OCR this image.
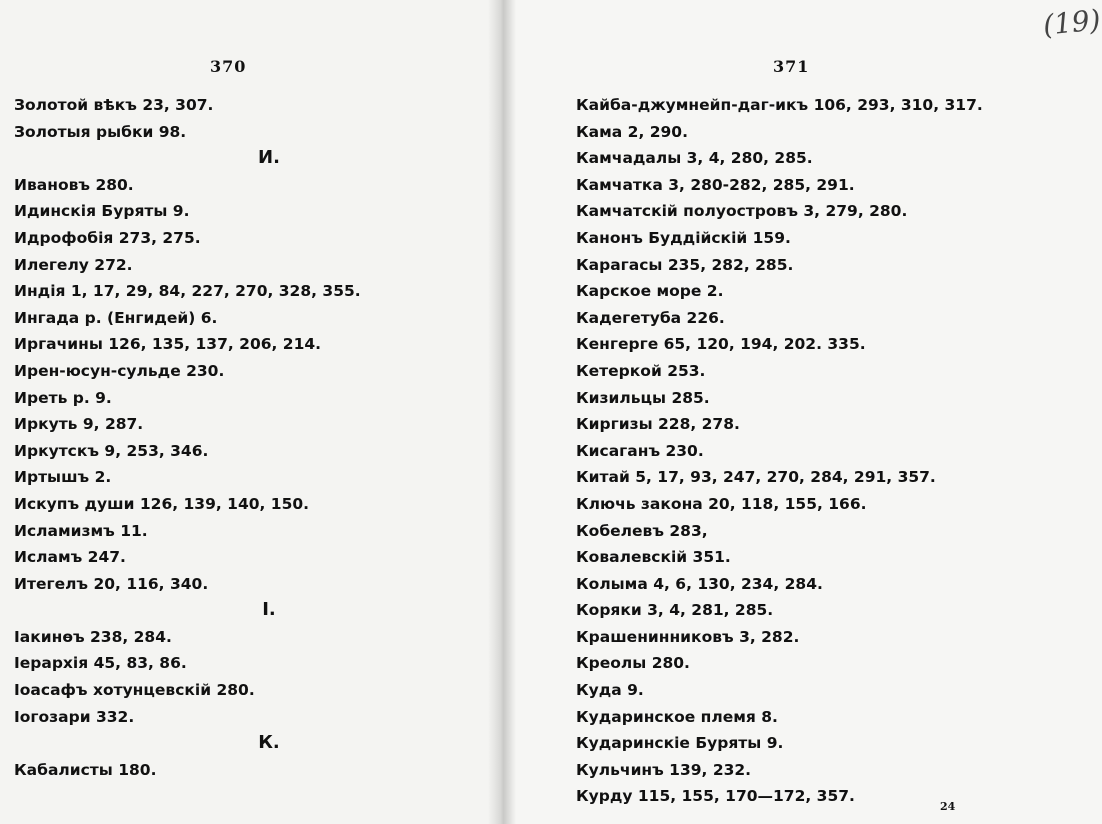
370
Золотой вѣкъ 23, 307.
Золотыя рыбки 98.
И.
Ивановъ 280.
Идинскія Буряты 9.
Идрофобія 273, 275.
Илегелу 272.
Индія 1, 17, 29, 84, 227, 270, 328, 355.
Ингада р. (Енгидей) 6.
Иргачины 126, 135, 137, 206, 214.
Ирен-юсун-сульде 230.
Иреть р. 9.
Иркуть 9, 287.
Иркутскъ 9, 253, 346.
Иртышъ 2.
Искупъ души 126, 139, 140, 150.
Исламизмъ 11.
Исламъ 247.
Итегелъ 20, 116, 340.
І.
Іакинѳъ 238, 284.
Іерархія 45, 83, 86.
Іоасафъ хотунцевскій 280.
Іогозари 332.
К.
Кабалисты 180.
371
(19)
Кайба-джумнейп-даг-икъ 106, 293, 310, 317.
Кама 2, 290.
Камчадалы 3, 4, 280, 285.
Камчатка 3, 280-282, 285, 291.
Камчатскій полуостровъ 3, 279, 280.
Канонъ Буддійскій 159.
Карагасы 235, 282, 285.
Карское море 2.
Кадегетуба 226.
Кенгерге 65, 120, 194, 202. 335.
Кетеркой 253.
Кизильцы 285.
Киргизы 228, 278.
Кисаганъ 230.
Китай 5, 17, 93, 247, 270, 284, 291, 357.
Ключь закона 20, 118, 155, 166.
Кобелевъ 283,
Ковалевскій 351.
Колыма 4, 6, 130, 234, 284.
Коряки 3, 4, 281, 285.
Крашенинниковъ 3, 282.
Креолы 280.
Куда 9.
Кударинское племя 8.
Кударинскіе Буряты 9.
Кульчинъ 139, 232.
Курду 115, 155, 170—172, 357.
24
